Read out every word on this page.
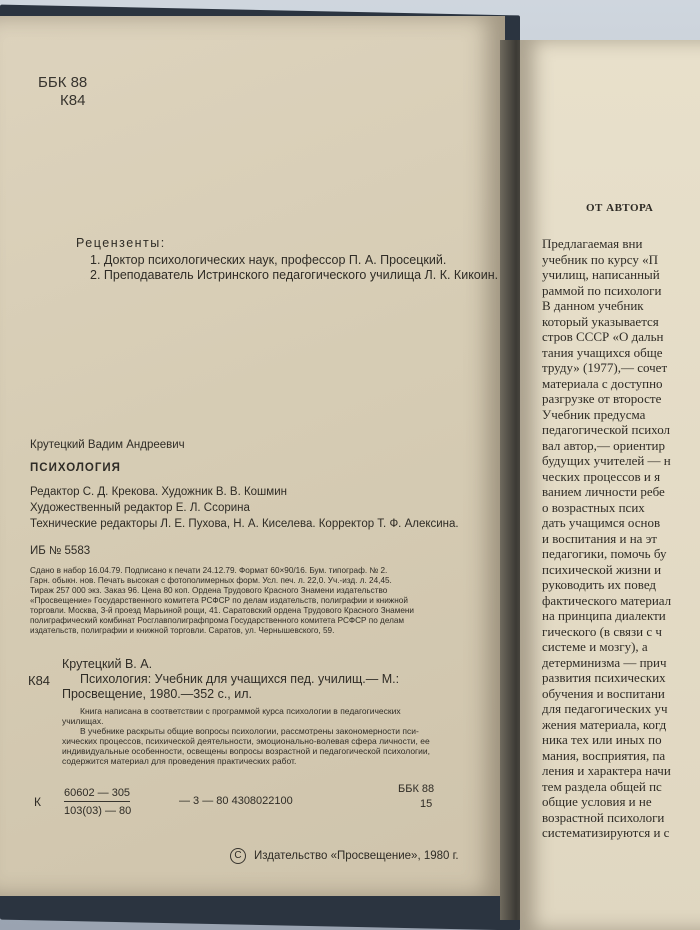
ББК 88
К84
Рецензенты:
1. Доктор психологических наук, профессор П. А. Просецкий.
2. Преподаватель Истринского педагогического училища Л. К. Кикоин.
Крутецкий Вадим Андреевич
ПСИХОЛОГИЯ
Редактор С. Д. Крекова. Художник В. В. Кошмин
Художественный редактор Е. Л. Ссорина
Технические редакторы Л. Е. Пухова, Н. А. Киселева. Корректор Т. Ф. Алексина.
ИБ № 5583
Сдано в набор 16.04.79. Подписано к печати 24.12.79. Формат 60×90/16. Бум. типограф. № 2.
Гарн. обыкн. нов. Печать высокая с фотополимерных форм. Усл. печ. л. 22,0. Уч.-изд. л. 24,45.
Тираж 257 000 экз. Заказ 96. Цена 80 коп. Ордена Трудового Красного Знамени издательство
«Просвещение» Государственного комитета РСФСР по делам издательств, полиграфии и книжной
торговли. Москва, 3-й проезд Марьиной рощи, 41. Саратовский ордена Трудового Красного Знамени
полиграфический комбинат Росглавполиграфпрома Государственного комитета РСФСР по делам
издательств, полиграфии и книжной торговли. Саратов, ул. Чернышевского, 59.
К84
Крутецкий В. А.
Психология: Учебник для учащихся пед. училищ.— М.:
Просвещение, 1980.—352 с., ил.
Книга написана в соответствии с программой курса психологии в педагогических
училищах.
В учебнике раскрыты общие вопросы психологии, рассмотрены закономерности пси-
хических процессов, психической деятельности, эмоционально-волевая сфера личности, ее
индивидуальные особенности, освещены вопросы возрастной и педагогической психологии,
содержится материал для проведения практических работ.
К
60602 — 305
103(03) — 80
— 3 — 80 4308022100
ББК 88
15
C	Издательство «Просвещение», 1980 г.
ОТ АВТОРА
Предлагаемая вни
учебник по курсу «П
училищ, написанный
раммой по психологи
В данном учебник
который указывается
стров СССР «О дальн
тания учащихся обще
труду» (1977),— сочет
материала с доступно
разгрузке от второсте
Учебник предусма
педагогической психол
вал автор,— ориентир
будущих учителей — н
ческих процессов и я
ванием личности ребе
о возрастных псих
дать учащимся основ
и воспитания и на эт
педагогики, помочь бу
психической жизни и
руководить их повед
фактического материал
на принципа диалекти
гического (в связи с ч
системе и мозгу), а
детерминизма — прич
развития психических
обучения и воспитани
для педагогических уч
жения материала, когд
ника тех или иных по
мания, восприятия, па
ления и характера начи
тем раздела общей пс
общие условия и не
возрастной психологи
систематизируются и с
